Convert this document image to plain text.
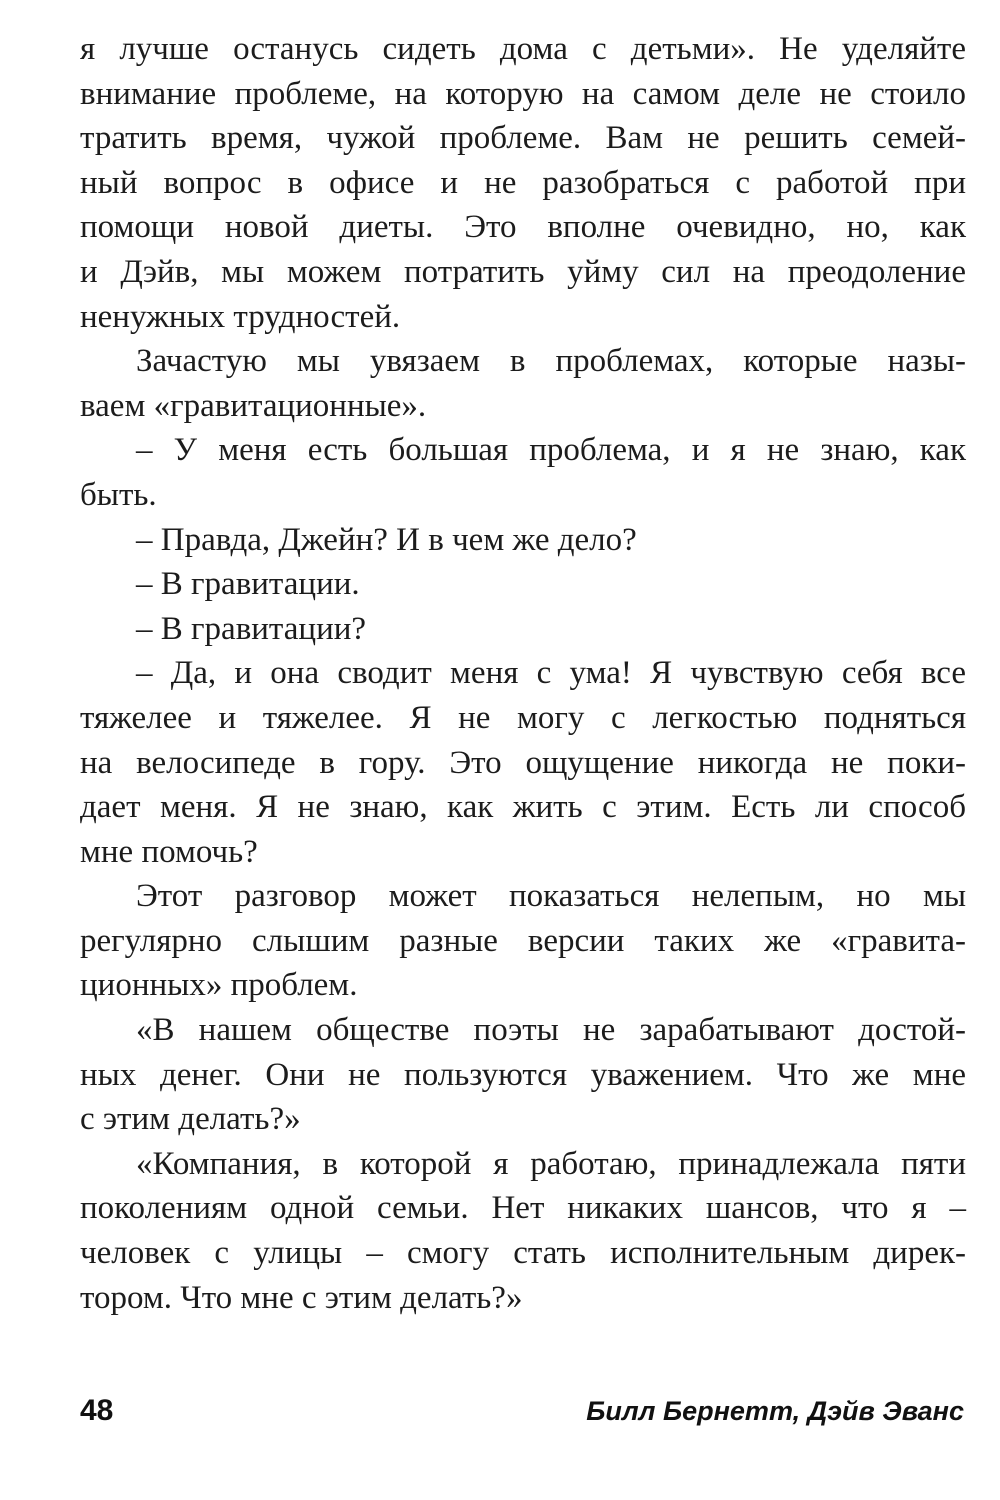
я лучше останусь сидеть дома с детьми». Не уделяйте
внимание проблеме, на которую на самом деле не стоило
тратить время, чужой проблеме. Вам не решить семей-
ный вопрос в офисе и не разобраться с работой при
помощи новой диеты. Это вполне очевидно, но, как
и Дэйв, мы можем потратить уйму сил на преодоление
ненужных трудностей.
Зачастую мы увязаем в проблемах, которые назы-
ваем «гравитационные».
– У меня есть большая проблема, и я не знаю, как
быть.
– Правда, Джейн? И в чем же дело?
– В гравитации.
– В гравитации?
– Да, и она сводит меня с ума! Я чувствую себя все
тяжелее и тяжелее. Я не могу с легкостью подняться
на велосипеде в гору. Это ощущение никогда не поки-
дает меня. Я не знаю, как жить с этим. Есть ли способ
мне помочь?
Этот разговор может показаться нелепым, но мы
регулярно слышим разные версии таких же «гравита-
ционных» проблем.
«В нашем обществе поэты не зарабатывают достой-
ных денег. Они не пользуются уважением. Что же мне
с этим делать?»
«Компания, в которой я работаю, принадлежала пяти
поколениям одной семьи. Нет никаких шансов, что я –
человек с улицы – смогу стать исполнительным дирек-
тором. Что мне с этим делать?»
48	Билл Бернетт, Дэйв Эванс
